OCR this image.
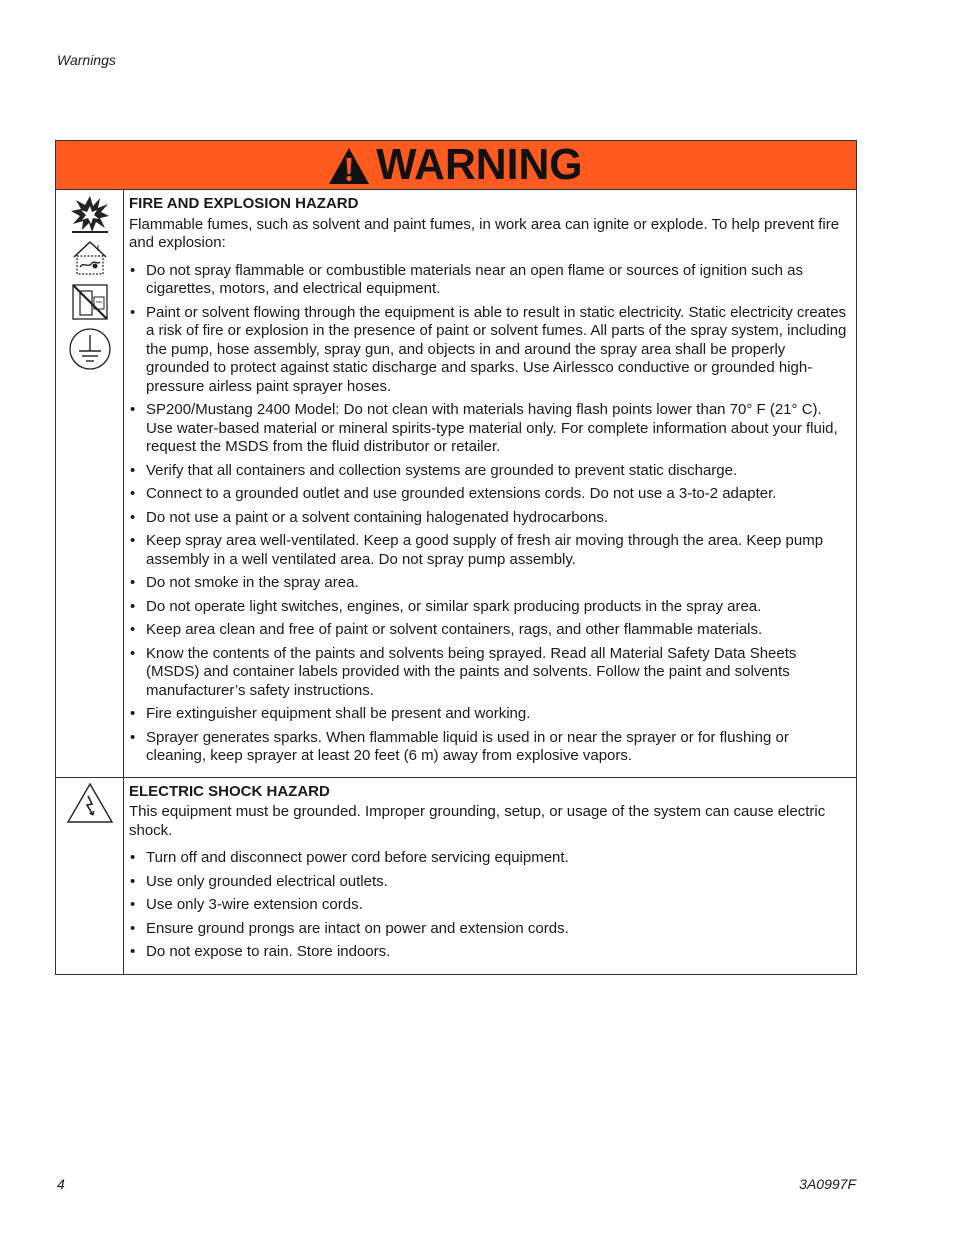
Warnings
WARNING

FIRE AND EXPLOSION HAZARD

Flammable fumes, such as solvent and paint fumes, in work area can ignite or explode. To help prevent fire and explosion:

• Do not spray flammable or combustible materials near an open flame or sources of ignition such as cigarettes, motors, and electrical equipment.
• Paint or solvent flowing through the equipment is able to result in static electricity. Static electricity creates a risk of fire or explosion in the presence of paint or solvent fumes. All parts of the spray system, including the pump, hose assembly, spray gun, and objects in and around the spray area shall be properly grounded to protect against static discharge and sparks. Use Airlessco conductive or grounded high-pressure airless paint sprayer hoses.
• SP200/Mustang 2400 Model: Do not clean with materials having flash points lower than 70° F (21° C). Use water-based material or mineral spirits-type material only. For complete information about your fluid, request the MSDS from the fluid distributor or retailer.
• Verify that all containers and collection systems are grounded to prevent static discharge.
• Connect to a grounded outlet and use grounded extensions cords. Do not use a 3-to-2 adapter.
• Do not use a paint or a solvent containing halogenated hydrocarbons.
• Keep spray area well-ventilated. Keep a good supply of fresh air moving through the area. Keep pump assembly in a well ventilated area. Do not spray pump assembly.
• Do not smoke in the spray area.
• Do not operate light switches, engines, or similar spark producing products in the spray area.
• Keep area clean and free of paint or solvent containers, rags, and other flammable materials.
• Know the contents of the paints and solvents being sprayed. Read all Material Safety Data Sheets (MSDS) and container labels provided with the paints and solvents. Follow the paint and solvents manufacturer’s safety instructions.
• Fire extinguisher equipment shall be present and working.
• Sprayer generates sparks. When flammable liquid is used in or near the sprayer or for flushing or cleaning, keep sprayer at least 20 feet (6 m) away from explosive vapors.

ELECTRIC SHOCK HAZARD

This equipment must be grounded. Improper grounding, setup, or usage of the system can cause electric shock.

• Turn off and disconnect power cord before servicing equipment.
• Use only grounded electrical outlets.
• Use only 3-wire extension cords.
• Ensure ground prongs are intact on power and extension cords.
• Do not expose to rain. Store indoors.
4	3A0997F
